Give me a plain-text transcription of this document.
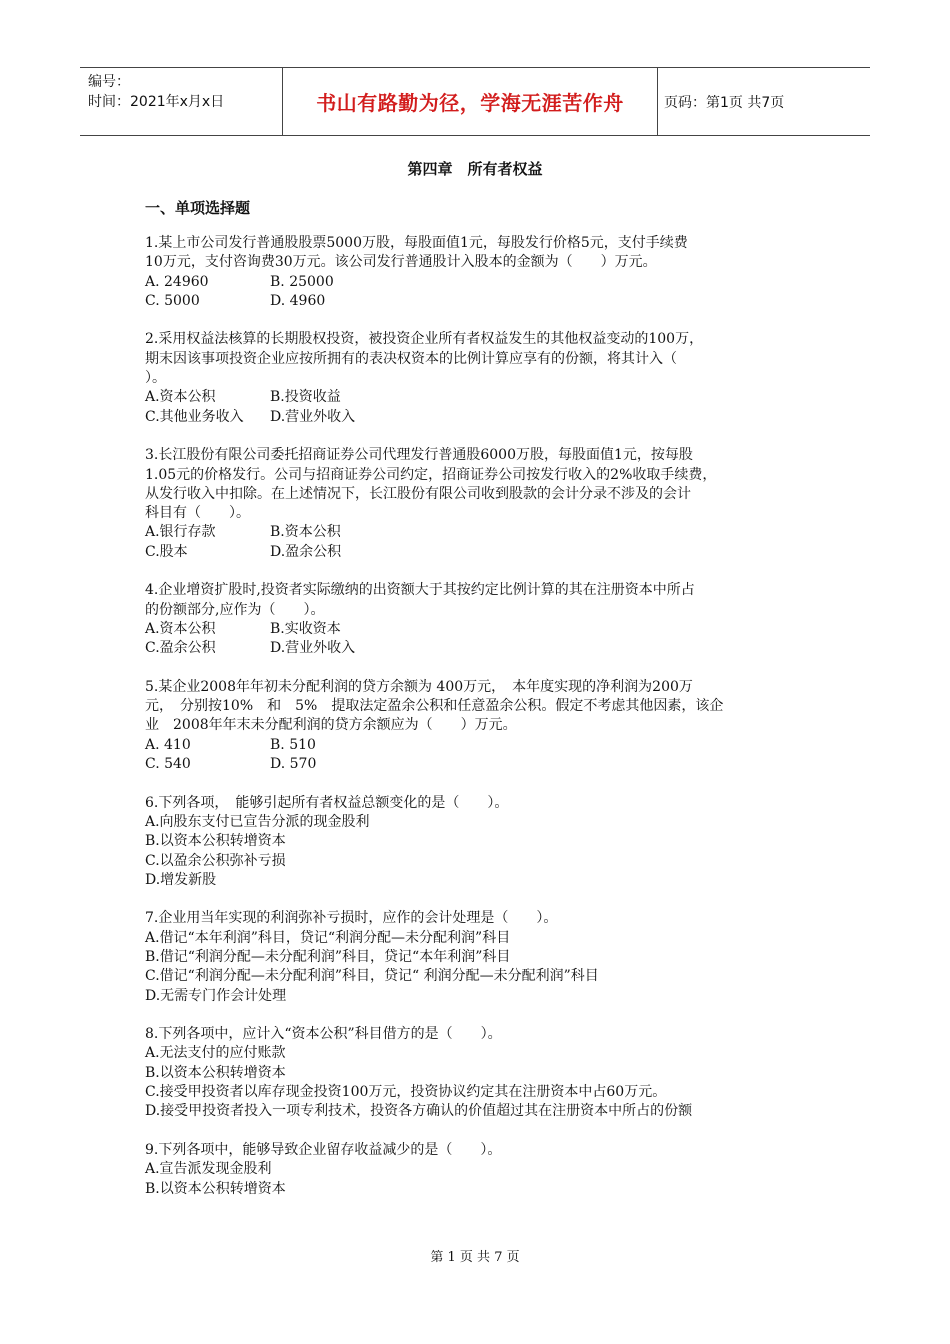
编号：
时间：2021年x月x日	书山有路勤为径，学海无涯苦作舟	页码：第1页 共7页
第四章　所有者权益
一、单项选择题

1.某上市公司发行普通股股票5000万股，每股面值1元，每股发行价格5元，支付手续费

10万元，支付咨询费30万元。该公司发行普通股计入股本的金额为（　　）万元。

A. 24960	B. 25000
C. 5000	D. 4960

2.采用权益法核算的长期股权投资，被投资企业所有者权益发生的其他权益变动的100万，

期末因该事项投资企业应按所拥有的表决权资本的比例计算应享有的份额，将其计入（

）。

A.资本公积	B.投资收益
C.其他业务收入	D.营业外收入

3.长江股份有限公司委托招商证券公司代理发行普通股6000万股，每股面值1元，按每股

1.05元的价格发行。公司与招商证券公司约定，招商证券公司按发行收入的2%收取手续费，

从发行收入中扣除。在上述情况下，长江股份有限公司收到股款的会计分录不涉及的会计

科目有（　　）。

A.银行存款	B.资本公积
C.股本	D.盈余公积

4.企业增资扩股时,投资者实际缴纳的出资额大于其按约定比例计算的其在注册资本中所占

的份额部分,应作为（　　）。

A.资本公积	B.实收资本
C.盈余公积	D.营业外收入

5.某企业2008年年初未分配利润的贷方余额为 400万元，　本年度实现的净利润为200万

元，　分别按10%　和　5%　提取法定盈余公积和任意盈余公积。假定不考虑其他因素，该企

业　2008年年末未分配利润的贷方余额应为（　　）万元。

A. 410	B. 510
C. 540	D. 570

6.下列各项，　能够引起所有者权益总额变化的是（　　）。

A.向股东支付已宣告分派的现金股利
B.以资本公积转增资本
C.以盈余公积弥补亏损
D.增发新股

7.企业用当年实现的利润弥补亏损时，应作的会计处理是（　　）。

A.借记“本年利润”科目，贷记“利润分配—未分配利润”科目
B.借记“利润分配—未分配利润”科目，贷记“本年利润”科目
C.借记“利润分配—未分配利润”科目，贷记“ 利润分配—未分配利润”科目
D.无需专门作会计处理

8.下列各项中，应计入“资本公积”科目借方的是（　　）。

A.无法支付的应付账款
B.以资本公积转增资本
C.接受甲投资者以库存现金投资100万元，投资协议约定其在注册资本中占60万元。
D.接受甲投资者投入一项专利技术，投资各方确认的价值超过其在注册资本中所占的份额

9.下列各项中，能够导致企业留存收益减少的是（　　）。

A.宣告派发现金股利
B.以资本公积转增资本
第 1 页 共 7 页
